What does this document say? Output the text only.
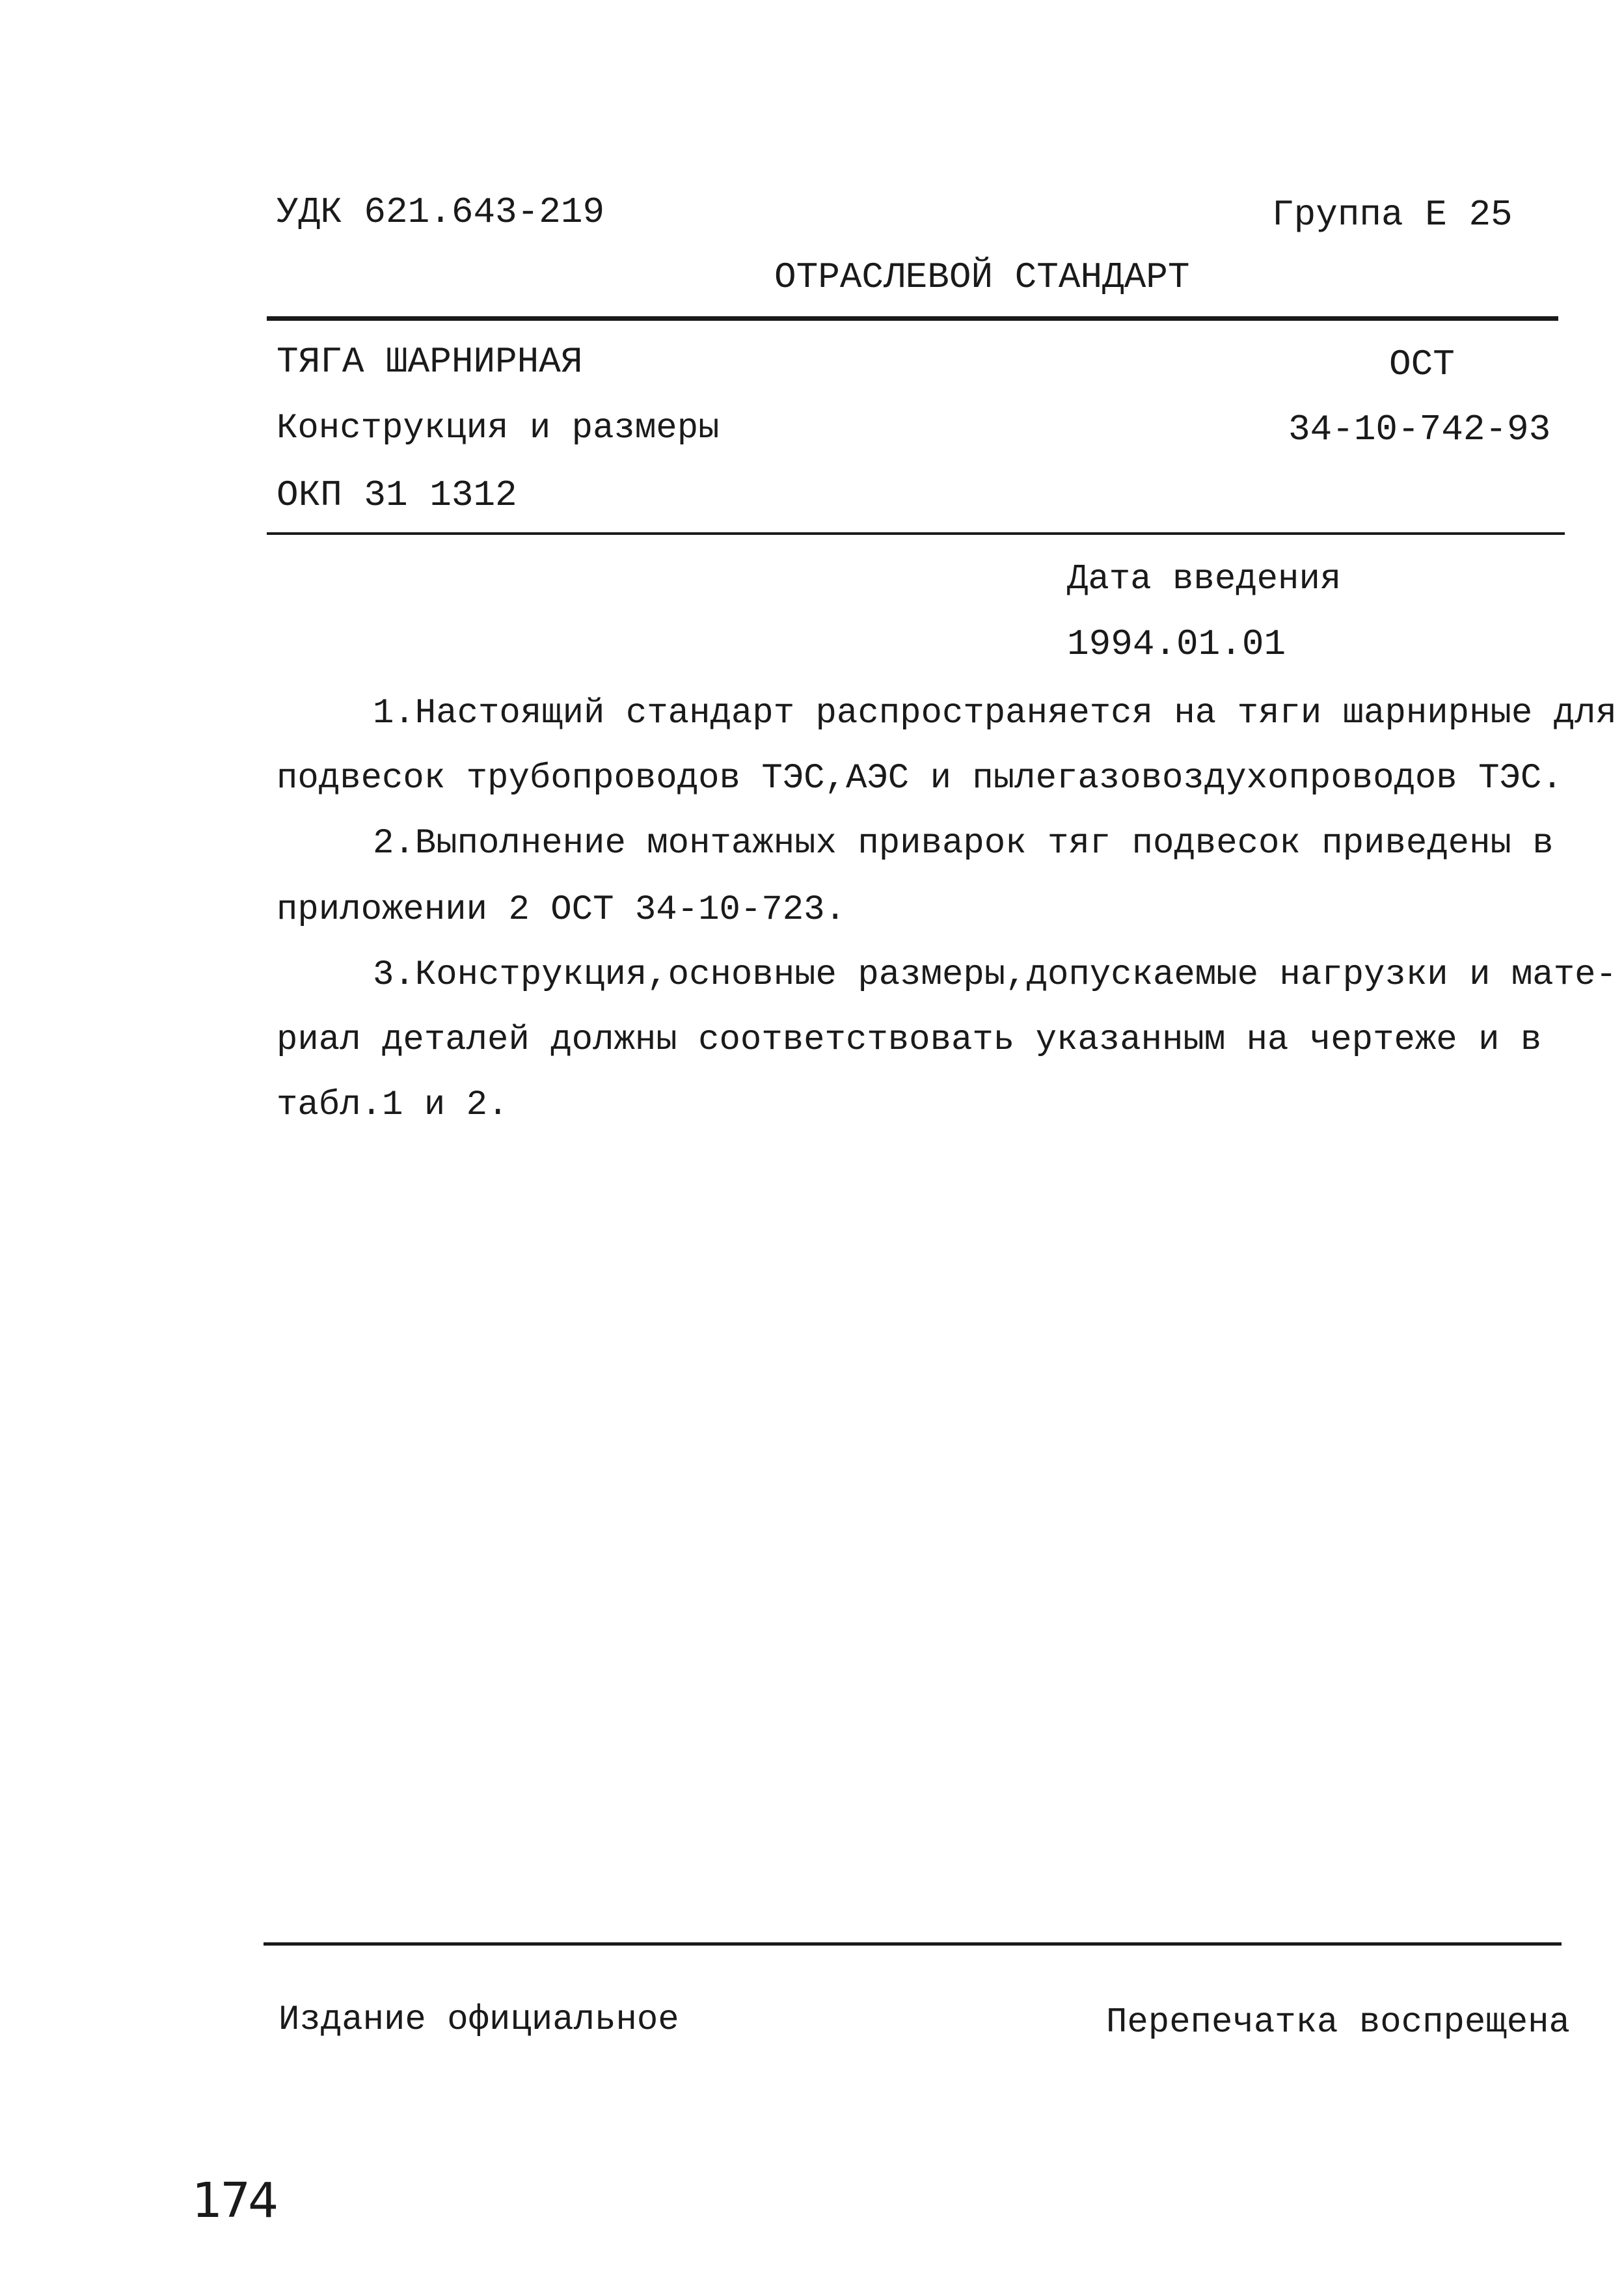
УДК 621.643-219	Группа Е 25
ОТРАСЛЕВОЙ СТАНДАРТ
ТЯГА ШАРНИРНАЯ	ОСТ
Конструкция и размеры	34-10-742-93
ОКП 31 1312
Дата введения
1994.01.01
1.Настоящий стандарт распространяется на тяги шарнирные для
подвесок трубопроводов ТЭС,АЭС и пылегазовоздухопроводов ТЭС.
2.Выполнение монтажных приварок тяг подвесок приведены в
приложении 2 ОСТ 34-10-723.
3.Конструкция,основные размеры,допускаемые нагрузки и мате-
риал деталей должны соответствовать указанным на чертеже и в
табл.1 и 2.
Издание официальное	Перепечатка воспрещена
174
